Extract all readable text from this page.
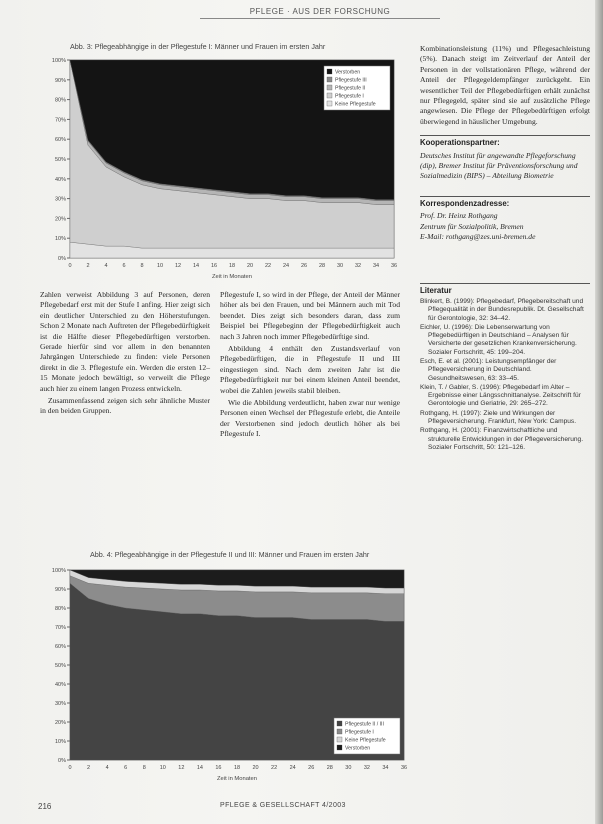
PFLEGE · AUS DER FORSCHUNG
Abb. 3: Pflegeabhängige in der Pflegestufe I: Männer und Frauen im ersten Jahr
0%
10%
20%
30%
40%
50%
60%
70%
80%
90%
100%
0	2	4	6	8 10 12 14 16 18 20 22 24 26 28 30 32 34 36
Zeit in Monaten
Verstorben
Pflegestufe III
Pflegestufe II
Pflegestufe I
Keine Pflegestufe

Zahlen verweist Abbildung 3 auf Personen, deren Pflegebedarf erst mit der Stufe I anfing. Hier zeigt sich ein deutlicher Unterschied zu den Höherstufungen. Schon 2 Monate nach Auftreten der Pflegebedürftigkeit ist die Hälfte dieser Pflegebedürftigen verstorben. Gerade hierfür sind vor allem in den benannten Jahrgängen Unterschiede zu finden: viele Personen direkt in die 3. Pflegestufe ein. Werden die ersten 12–15 Monate jedoch bewältigt, so verweilt die Pflege auch hier zu einem langen Prozess entwickeln.

Zusammenfassend zeigen sich sehr ähnliche Muster in den beiden Gruppen.

Pflegestufe I, so wird in der Pflege, der Anteil der Männer höher als bei den Frauen, und bei Männern auch mit Tod beendet. Dies zeigt sich besonders daran, dass zum Beispiel bei Pflegebeginn der Pflegebedürftigkeit auch nach 3 Jahren noch immer Pflegebedürftige sind.

Abbildung 4 enthält den Zustandsverlauf von Pflegebedürftigen, die in Pflegestufe II und III eingestiegen sind. Nach dem zweiten Jahr ist die Pflegebedürftigkeit nur bei einem kleinen Anteil beendet, wobei die Zahlen jeweils stabil bleiben.

Wie die Abbildung verdeutlicht, haben zwar nur wenige Personen einen Wechsel der Pflegestufe erlebt, die Anteile der Verstorbenen sind jedoch deutlich höher als bei Pflegestufe I.

Abb. 4: Pflegeabhängige in der Pflegestufe II und III: Männer und Frauen im ersten Jahr
0%
10%
20%
30%
40%
50%
60%
70%
80%
90%
100%
0	2	4	6	8	10 12 14 16 18 20 22 24 26 28 30 32 34 36
Zeit in Monaten
Pflegestufe II / III
Pflegestufe I
Keine Pflegestufe
Verstorben

Kombinationsleistung (11%) und Pflegesachleistung (5%). Danach steigt im Zeitverlauf der Anteil der Personen in der vollstationären Pflege, während der Anteil der Pflegegeldempfänger zurückgeht. Ein wesentlicher Teil der Pflegebedürftigen erhält zunächst nur Pflegegeld, später sind sie auf zusätzliche Pflege angewiesen. Die Pflege der Pflegebedürftigen erfolgt überwiegend in häuslicher Umgebung.

Kooperationspartner:

Deutsches Institut für angewandte Pflegeforschung (dip), Bremer Institut für Präventionsforschung und Sozialmedizin (BIPS) – Abteilung Biometrie

Korrespondenzadresse:

Prof. Dr. Heinz Rothgang

Zentrum für Sozialpolitik, Bremen

E-Mail: rothgang@zes.uni-bremen.de

Literatur
Blinkert, B. (1999): Pflegebedarf, Pflegebereitschaft und Pflegequalität in der Bundesrepublik. Dt. Gesellschaft für Gerontologie, 32: 34–42.
Eichler, U. (1996): Die Lebenserwartung von Pflegebedürftigen in Deutschland – Analysen für Versicherte der gesetzlichen Krankenversicherung. Sozialer Fortschritt, 45: 199–204.
Esch, E. et al. (2001): Leistungsempfänger der Pflegeversicherung in Deutschland. Gesundheitswesen, 63: 33–45.
Klein, T. / Gabler, S. (1996): Pflegebedarf im Alter – Ergebnisse einer Längsschnittanalyse. Zeitschrift für Gerontologie und Geriatrie, 29: 265–272.
Rothgang, H. (1997): Ziele und Wirkungen der Pflegeversicherung. Frankfurt, New York: Campus.
Rothgang, H. (2001): Finanzwirtschaftliche und strukturelle Entwicklungen in der Pflegeversicherung. Sozialer Fortschritt, 50: 121–126.
216	PFLEGE & GESELLSCHAFT 4/2003
